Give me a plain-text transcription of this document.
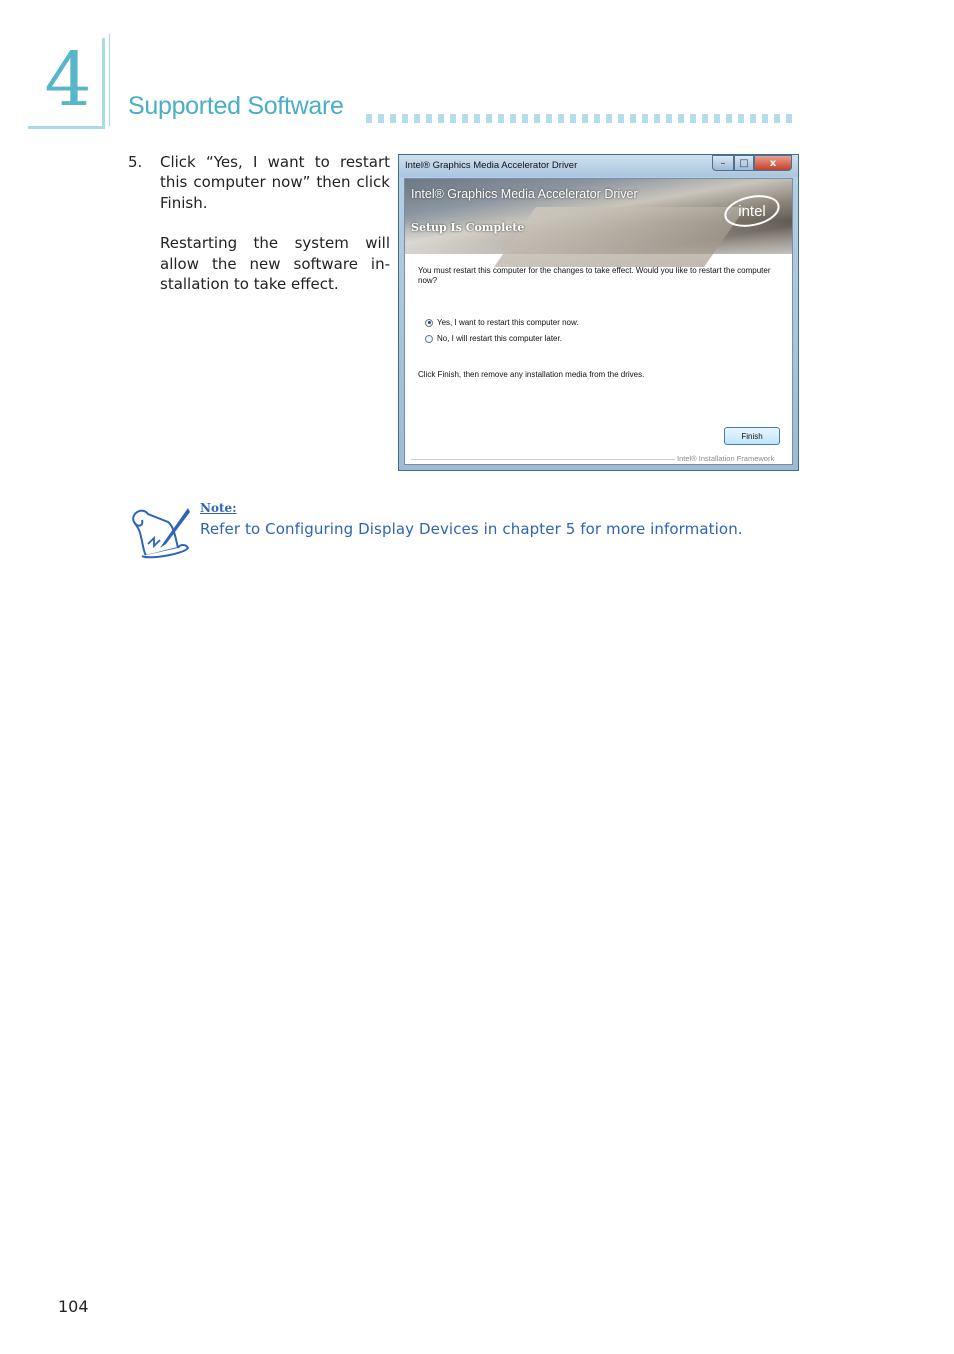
4 Supported Software
5. Click “Yes, I want to restart this computer now” then click Finish.

Restarting the system will allow the new software in-stallation to take effect.

Intel® Graphics Media Accelerator Driver	–	□	x
Intel® Graphics Media Accelerator Driver
Setup Is Complete
intel
You must restart this computer for the changes to take effect. Would you like to restart the computer now?
Yes, I want to restart this computer now.
No, I will restart this computer later.
Click Finish, then remove any installation media from the drives.
Finish
Intel® Installation Framework
Note:
Refer to Configuring Display Devices in chapter 5 for more information.
104
